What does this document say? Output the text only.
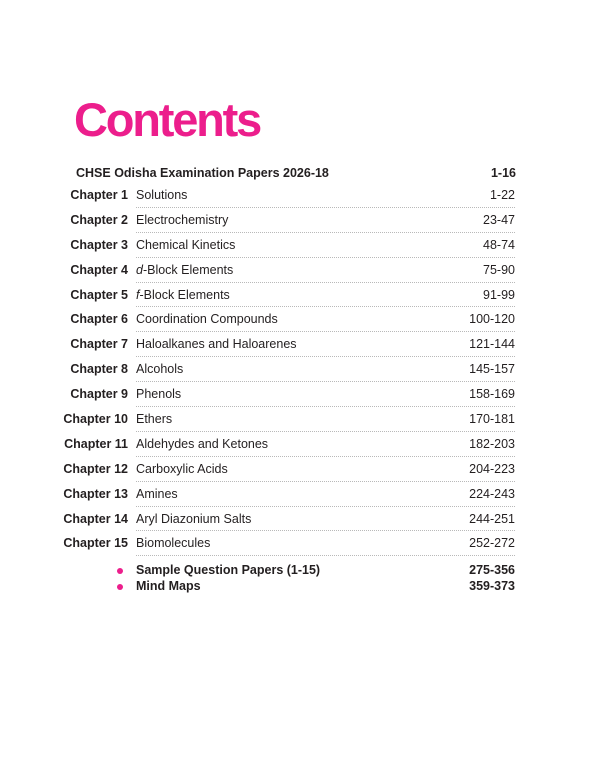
Contents
CHSE Odisha Examination Papers 2026-18	1-16
Chapter 1 Solutions	1-22
Chapter 2 Electrochemistry	23-47
Chapter 3 Chemical Kinetics	48-74
Chapter 4 d-Block Elements	75-90
Chapter 5 f-Block Elements	91-99
Chapter 6 Coordination Compounds	100-120
Chapter 7 Haloalkanes and Haloarenes	121-144
Chapter 8 Alcohols	145-157
Chapter 9 Phenols	158-169
Chapter 10 Ethers	170-181
Chapter 11 Aldehydes and Ketones	182-203
Chapter 12 Carboxylic Acids	204-223
Chapter 13 Amines	224-243
Chapter 14 Aryl Diazonium Salts	244-251
Chapter 15 Biomolecules	252-272
Sample Question Papers (1-15)	275-356
Mind Maps	359-373
